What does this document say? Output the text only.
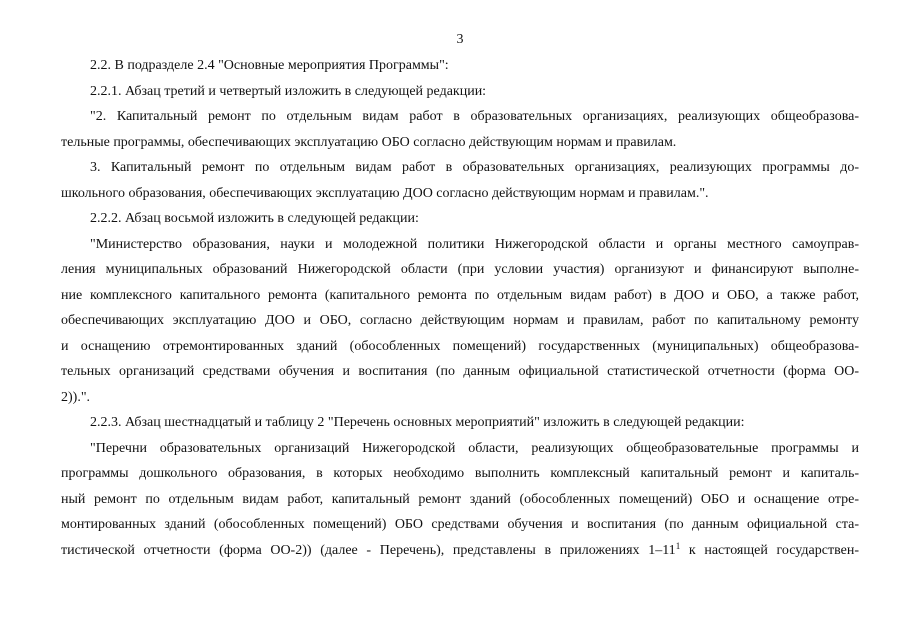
3
2.2. В подразделе 2.4 "Основные мероприятия Программы":
2.2.1. Абзац третий и четвертый изложить в следующей редакции:
"2. Капитальный ремонт по отдельным видам работ в образовательных организациях, реализующих общеобразова-
тельные программы, обеспечивающих эксплуатацию ОБО согласно действующим нормам и правилам.
3. Капитальный ремонт по отдельным видам работ в образовательных организациях, реализующих программы до-
школьного образования, обеспечивающих эксплуатацию ДОО согласно действующим нормам и правилам.".
2.2.2. Абзац восьмой изложить в следующей редакции:
"Министерство образования, науки и молодежной политики Нижегородской области и органы местного самоуправ-
ления муниципальных образований Нижегородской области (при условии участия) организуют и финансируют выполне-
ние комплексного капитального ремонта (капитального ремонта по отдельным видам работ) в ДОО и ОБО, а также работ,
обеспечивающих эксплуатацию ДОО и ОБО, согласно действующим нормам и правилам, работ по капитальному ремонту
и оснащению отремонтированных зданий (обособленных помещений) государственных (муниципальных) общеобразова-
тельных организаций средствами обучения и воспитания (по данным официальной статистической отчетности (форма ОО-
2)).".
2.2.3. Абзац шестнадцатый и таблицу 2 "Перечень основных мероприятий" изложить в следующей редакции:
"Перечни образовательных организаций Нижегородской области, реализующих общеобразовательные программы и
программы дошкольного образования, в которых необходимо выполнить комплексный капитальный ремонт и капиталь-
ный ремонт по отдельным видам работ, капитальный ремонт зданий (обособленных помещений) ОБО и оснащение отре-
монтированных зданий (обособленных помещений) ОБО средствами обучения и воспитания (по данным официальной ста-
тистической отчетности (форма ОО-2)) (далее - Перечень), представлены в приложениях $1-11^1$ к настоящей государствен-
